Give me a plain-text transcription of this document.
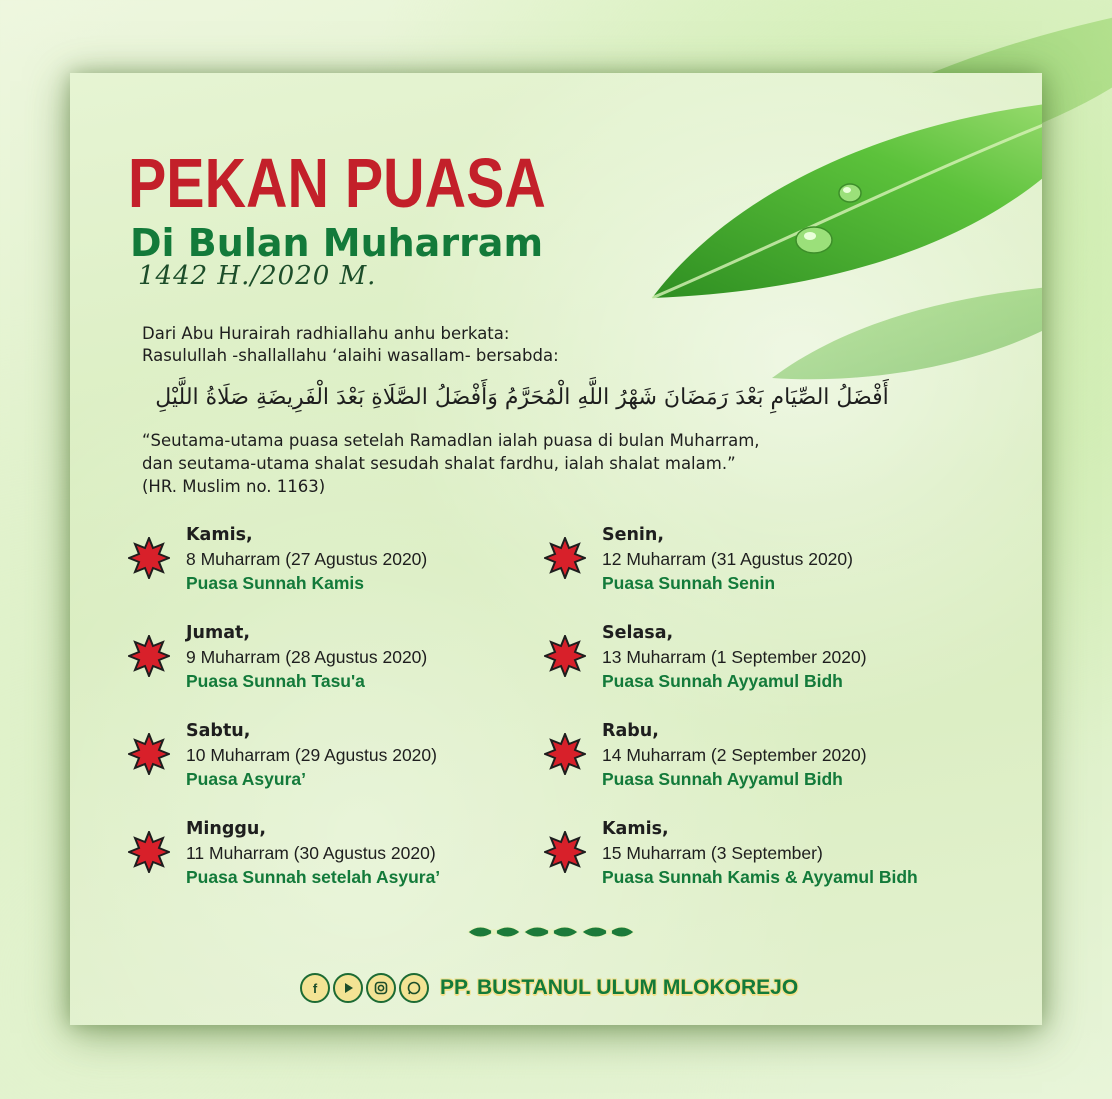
PEKAN PUASA
Di Bulan Muharram
1442 H./2020 M.
Dari Abu Hurairah radhiallahu anhu berkata:
Rasulullah -shallallahu ‘alaihi wasallam- bersabda:
أَفْضَلُ الصِّيَامِ بَعْدَ رَمَضَانَ شَهْرُ اللَّهِ الْمُحَرَّمُ وَأَفْضَلُ الصَّلَاةِ بَعْدَ الْفَرِيضَةِ صَلَاةُ اللَّيْلِ
“Seutama-utama puasa setelah Ramadlan ialah puasa di bulan Muharram,
dan seutama-utama shalat sesudah shalat fardhu, ialah shalat malam.”
(HR. Muslim no. 1163)
Kamis,
8 Muharram (27 Agustus 2020)
Puasa Sunnah Kamis
Jumat,
9 Muharram (28 Agustus 2020)
Puasa Sunnah Tasu'a
Sabtu,
10 Muharram (29 Agustus 2020)
Puasa Asyura’
Minggu,
11 Muharram (30 Agustus 2020)
Puasa Sunnah setelah Asyura’
Senin,
12 Muharram (31 Agustus 2020)
Puasa Sunnah Senin
Selasa,
13 Muharram (1 September 2020)
Puasa Sunnah Ayyamul Bidh
Rabu,
14 Muharram (2 September 2020)
Puasa Sunnah Ayyamul Bidh
Kamis,
15 Muharram (3 September)
Puasa Sunnah Kamis & Ayyamul Bidh
f	PP. BUSTANUL ULUM MLOKOREJO
